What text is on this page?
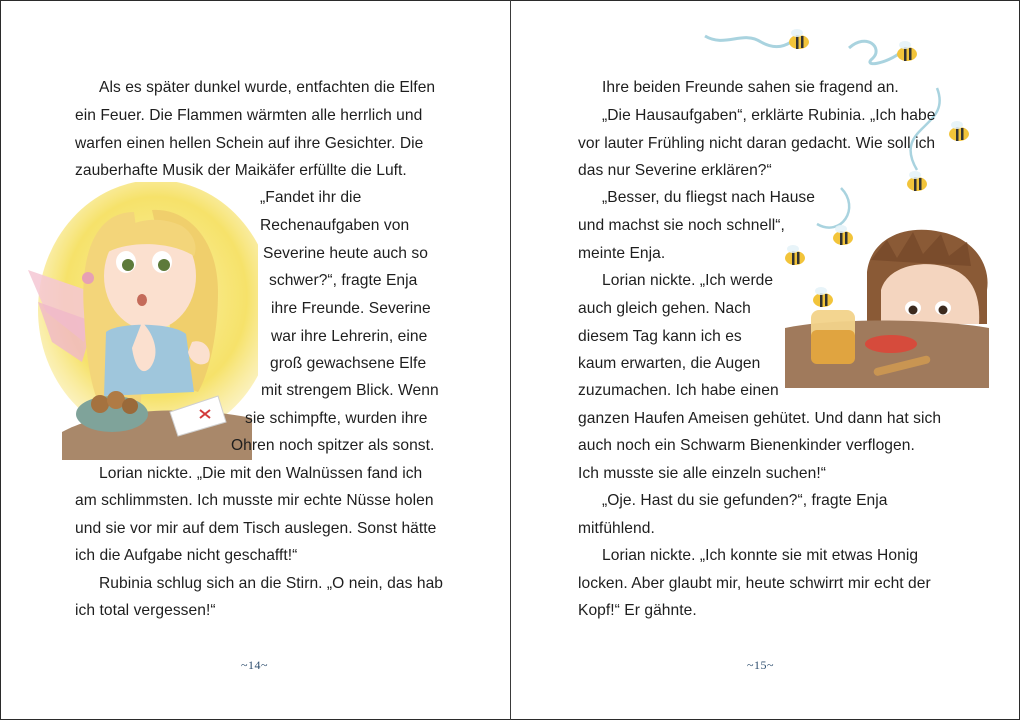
Als es später dunkel wurde, entfachten die Elfen
ein Feuer. Die Flammen wärmten alle herrlich und
warfen einen hellen Schein auf ihre Gesichter. Die
zauberhafte Musik der Maikäfer erfüllte die Luft.
„Fandet ihr die
Rechenaufgaben von
Severine heute auch so
schwer?“, fragte Enja
ihre Freunde. Severine
war ihre Lehrerin, eine
groß gewachsene Elfe
mit strengem Blick. Wenn
sie schimpfte, wurden ihre
Ohren noch spitzer als sonst.
Lorian nickte. „Die mit den Walnüssen fand ich
am schlimmsten. Ich musste mir echte Nüsse holen
und sie vor mir auf dem Tisch auslegen. Sonst hätte
ich die Aufgabe nicht geschafft!“
Rubinia schlug sich an die Stirn. „O nein, das hab
ich total vergessen!“
~14~
Ihre beiden Freunde sahen sie fragend an.
„Die Hausaufgaben“, erklärte Rubinia. „Ich habe
vor lauter Frühling nicht daran gedacht. Wie soll ich
das nur Severine erklären?“
„Besser, du fliegst nach Hause
und machst sie noch schnell“,
meinte Enja.
Lorian nickte. „Ich werde
auch gleich gehen. Nach
diesem Tag kann ich es
kaum erwarten, die Augen
zuzumachen. Ich habe einen
ganzen Haufen Ameisen gehütet. Und dann hat sich
auch noch ein Schwarm Bienenkinder verflogen.
Ich musste sie alle einzeln suchen!“
„Oje. Hast du sie gefunden?“, fragte Enja
mitfühlend.
Lorian nickte. „Ich konnte sie mit etwas Honig
locken. Aber glaubt mir, heute schwirrt mir echt der
Kopf!“ Er gähnte.
~15~
